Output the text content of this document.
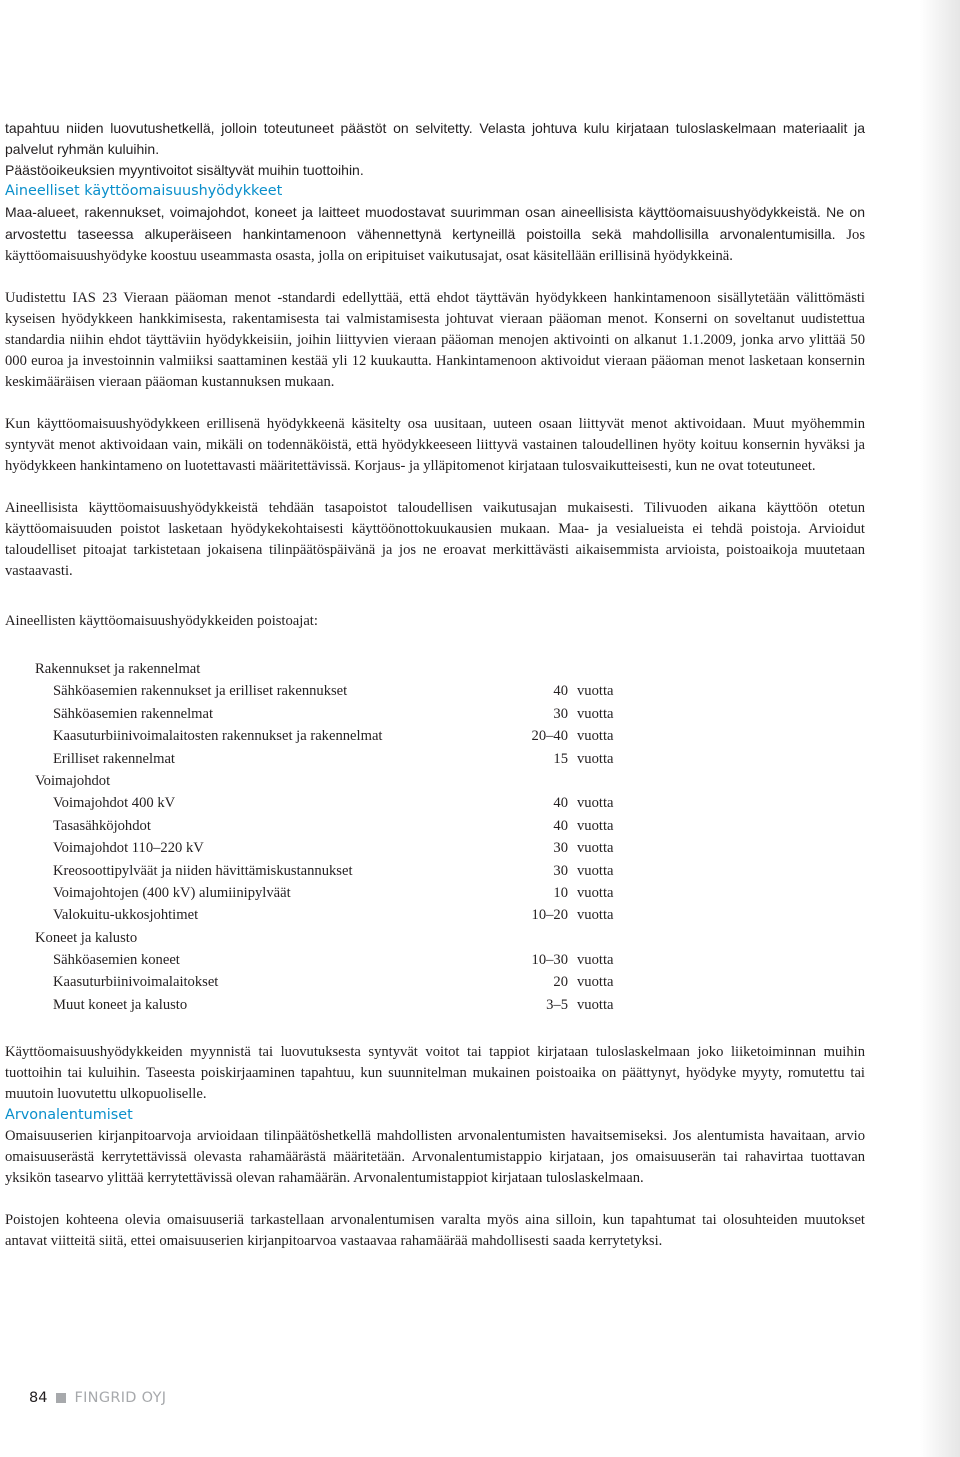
tapahtuu niiden luovutushetkellä, jolloin toteutuneet päästöt on selvitetty. Velasta johtuva kulu kirjataan tuloslaskelmaan materiaalit ja palvelut ryhmän kuluihin.

Päästöoikeuksien myyntivoitot sisältyvät muihin tuottoihin.

Aineelliset käyttöomaisuushyödykkeet

Maa-alueet, rakennukset, voimajohdot, koneet ja laitteet muodostavat suurimman osan aineellisista käyttöomaisuushyödykkeistä. Ne on arvostettu taseessa alkuperäiseen hankintamenoon vähennettynä kertyneillä poistoilla sekä mahdollisilla arvonalentumisilla. Jos käyttöomaisuushyödyke koostuu useammasta osasta, jolla on eripituiset vaikutusajat, osat käsitellään erillisinä hyödykkeinä.

Uudistettu IAS 23 Vieraan pääoman menot -standardi edellyttää, että ehdot täyttävän hyödykkeen hankintamenoon sisällytetään välittömästi kyseisen hyödykkeen hankkimisesta, rakentamisesta tai valmistamisesta johtuvat vieraan pääoman menot. Konserni on soveltanut uudistettua standardia niihin ehdot täyttäviin hyödykkeisiin, joihin liittyvien vieraan pääoman menojen aktivointi on alkanut 1.1.2009, jonka arvo ylittää 50 000 euroa ja investoinnin valmiiksi saattaminen kestää yli 12 kuukautta. Hankintamenoon aktivoidut vieraan pääoman menot lasketaan konsernin keskimääräisen vieraan pääoman kustannuksen mukaan.

Kun käyttöomaisuushyödykkeen erillisenä hyödykkeenä käsitelty osa uusitaan, uuteen osaan liittyvät menot aktivoidaan. Muut myöhemmin syntyvät menot aktivoidaan vain, mikäli on todennäköistä, että hyödykkeeseen liittyvä vastainen taloudellinen hyöty koituu konsernin hyväksi ja hyödykkeen hankintameno on luotettavasti määritettävissä. Korjaus- ja ylläpitomenot kirjataan tulosvaikutteisesti, kun ne ovat toteutuneet.

Aineellisista käyttöomaisuushyödykkeistä tehdään tasapoistot taloudellisen vaikutusajan mukaisesti. Tilivuoden aikana käyttöön otetun käyttöomaisuuden poistot lasketaan hyödykekohtaisesti käyttöönottokuukausien mukaan. Maa- ja vesialueista ei tehdä poistoja. Arvioidut taloudelliset pitoajat tarkistetaan jokaisena tilinpäätöspäivänä ja jos ne eroavat merkittävästi aikaisemmista arvioista, poistoaikoja muutetaan vastaavasti.

Aineellisten käyttöomaisuushyödykkeiden poistoajat:

Rakennukset ja rakennelmat
Sähköasemien rakennukset ja erilliset rakennukset	40 vuotta
Sähköasemien rakennelmat	30 vuotta
Kaasuturbiinivoimalaitosten rakennukset ja rakennelmat	20–40 vuotta
Erilliset rakennelmat	15 vuotta
Voimajohdot
Voimajohdot 400 kV	40 vuotta
Tasasähköjohdot	40 vuotta
Voimajohdot 110–220 kV	30 vuotta
Kreosoottipylväät ja niiden hävittämiskustannukset	30 vuotta
Voimajohtojen (400 kV) alumiinipylväät	10 vuotta
Valokuitu-ukkosjohtimet	10–20 vuotta
Koneet ja kalusto
Sähköasemien koneet	10–30 vuotta
Kaasuturbiinivoimalaitokset	20 vuotta
Muut koneet ja kalusto	3–5 vuotta

Käyttöomaisuushyödykkeiden myynnistä tai luovutuksesta syntyvät voitot tai tappiot kirjataan tuloslaskelmaan joko liiketoiminnan muihin tuottoihin tai kuluihin. Taseesta poiskirjaaminen tapahtuu, kun suunnitelman mukainen poistoaika on päättynyt, hyödyke myyty, romutettu tai muutoin luovutettu ulkopuoliselle.

Arvonalentumiset

Omaisuuserien kirjanpitoarvoja arvioidaan tilinpäätöshetkellä mahdollisten arvonalentumisten havaitsemiseksi. Jos alentumista havaitaan, arvio omaisuuserästä kerrytettävissä olevasta rahamäärästä määritetään. Arvonalentumistappio kirjataan, jos omaisuuserän tai rahavirtaa tuottavan yksikön tasearvo ylittää kerrytettävissä olevan rahamäärän. Arvonalentumistappiot kirjataan tuloslaskelmaan.

Poistojen kohteena olevia omaisuuseriä tarkastellaan arvonalentumisen varalta myös aina silloin, kun tapahtumat tai olosuhteiden muutokset antavat viitteitä siitä, ettei omaisuuserien kirjanpitoarvoa vastaavaa rahamäärää mahdollisesti saada kerrytetyksi.

84 FINGRID OYJ
